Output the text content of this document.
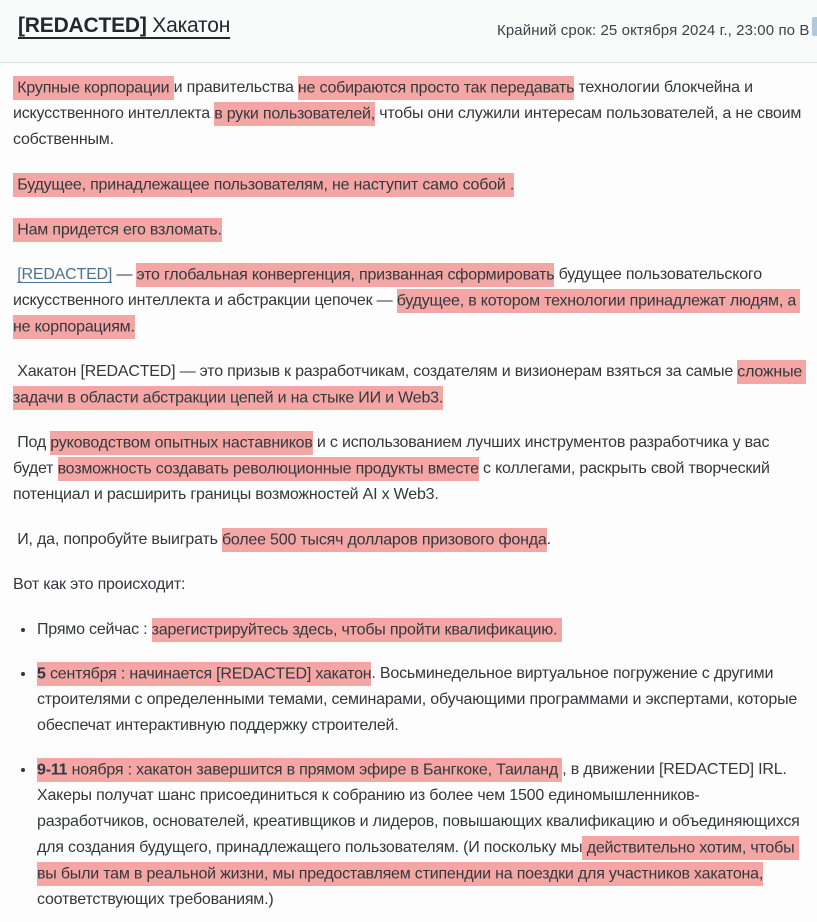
[REDACTED] Хакатон	Крайний срок: 25 октября 2024 г., 23:00 по В

Крупные корпорации и правительства не собираются просто так передавать технологии блокчейна и искусственного интеллекта в руки пользователей, чтобы они служили интересам пользователей, а не своим собственным.

Будущее, принадлежащее пользователям, не наступит само собой .

Нам придется его взломать.

[REDACTED] — это глобальная конвергенция, призванная сформировать будущее пользовательского искусственного интеллекта и абстракции цепочек — будущее, в котором технологии принадлежат людям, а не корпорациям.

Хакатон [REDACTED] — это призыв к разработчикам, создателям и визионерам взяться за самые сложные задачи в области абстракции цепей и на стыке ИИ и Web3.

Под руководством опытных наставников и с использованием лучших инструментов разработчика у вас будет возможность создавать революционные продукты вместе с коллегами, раскрыть свой творческий потенциал и расширить границы возможностей AI x Web3.

И, да, попробуйте выиграть более 500 тысяч долларов призового фонда.

Вот как это происходит:

• Прямо сейчас : зарегистрируйтесь здесь, чтобы пройти квалификацию.
• 5 сентября : начинается [REDACTED] хакатон. Восьминедельное виртуальное погружение с другими строителями с определенными темами, семинарами, обучающими программами и экспертами, которые обеспечат интерактивную поддержку строителей.
• 9-11 ноября : хакатон завершится в прямом эфире в Бангкоке, Таиланд , в движении [REDACTED] IRL. Хакеры получат шанс присоединиться к собранию из более чем 1500 единомышленников-разработчиков, основателей, креативщиков и лидеров, повышающих квалификацию и объединяющихся для создания будущего, принадлежащего пользователям. (И поскольку мы действительно хотим, чтобы вы были там в реальной жизни, мы предоставляем стипендии на поездки для участников хакатона, соответствующих требованиям.)
